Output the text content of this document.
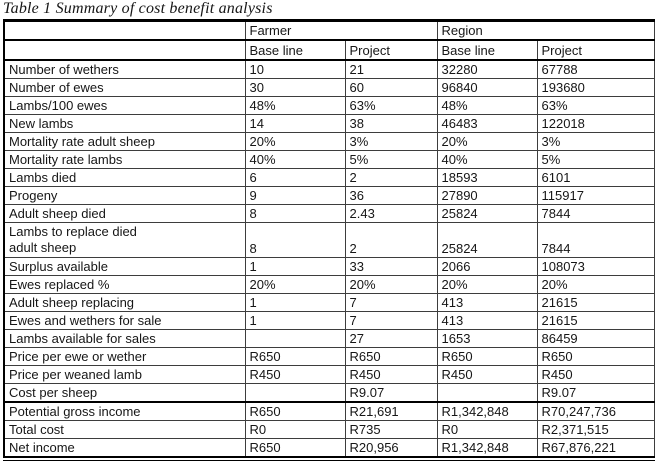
Table 1 Summary of cost benefit analysis
	Farmer		Region	
	Base line	Project	Base line	Project
Number of wethers	10	21	32280	67788
Number of ewes	30	60	96840	193680
Lambs/100 ewes	48%	63%	48%	63%
New lambs	14	38	46483	122018
Mortality rate adult sheep	20%	3%	20%	3%
Mortality rate lambs	40%	5%	40%	5%
Lambs died	6	2	18593	6101
Progeny	9	36	27890	115917
Adult sheep died	8	2.43	25824	7844
Lambs to replace died adult sheep	8	2	25824	7844
Surplus available	1	33	2066	108073
Ewes replaced %	20%	20%	20%	20%
Adult sheep replacing	1	7	413	21615
Ewes and wethers for sale	1	7	413	21615
Lambs available for sales		27	1653	86459
Price per ewe or wether	R650	R650	R650	R650
Price per weaned lamb	R450	R450	R450	R450
Cost per sheep		R9.07		R9.07
Potential gross income	R650	R21,691	R1,342,848	R70,247,736
Total cost	R0	R735	R0	R2,371,515
Net income	R650	R20,956	R1,342,848	R67,876,221
